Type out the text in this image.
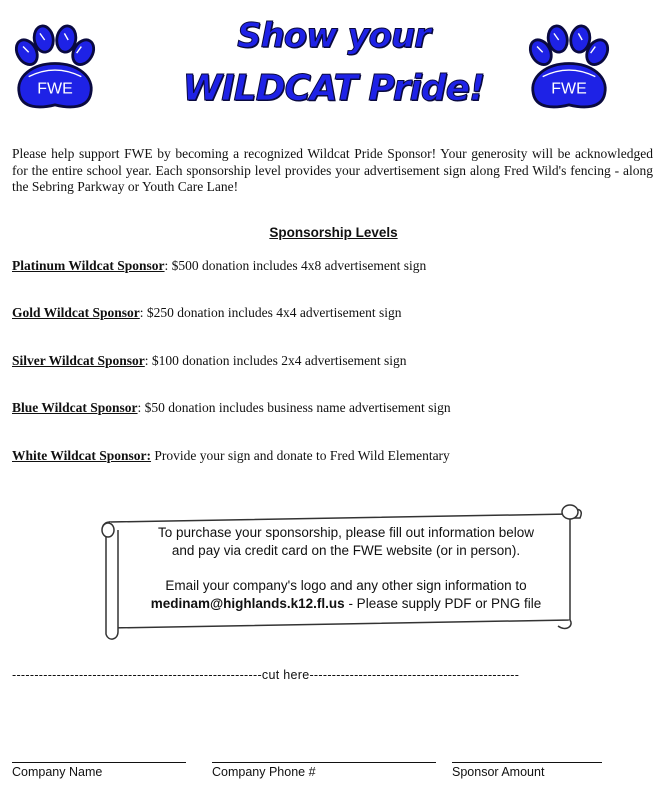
FWE	FWE
Show your
WILDCAT Pride!

Please help support FWE by becoming a recognized Wildcat Pride Sponsor! Your generosity will be acknowledged for the entire school year. Each sponsorship level provides your advertisement sign along Fred Wild's fencing - along the Sebring Parkway or Youth Care Lane!

Sponsorship Levels
Platinum Wildcat Sponsor: $500 donation includes 4x8 advertisement sign
Gold Wildcat Sponsor: $250 donation includes 4x4 advertisement sign
Silver Wildcat Sponsor: $100 donation includes 2x4 advertisement sign
Blue Wildcat Sponsor: $50 donation includes business name advertisement sign
White Wildcat Sponsor: Provide your sign and donate to Fred Wild Elementary
To purchase your sponsorship, please fill out information below
and pay via credit card on the FWE website (or in person).
Email your company's logo and any other sign information to
medinam@highlands.k12.fl.us - Please supply PDF or PNG file
--------------------------------------------------------cut here-----------------------------------------------
Company Name	Company Phone #	Sponsor Amount
